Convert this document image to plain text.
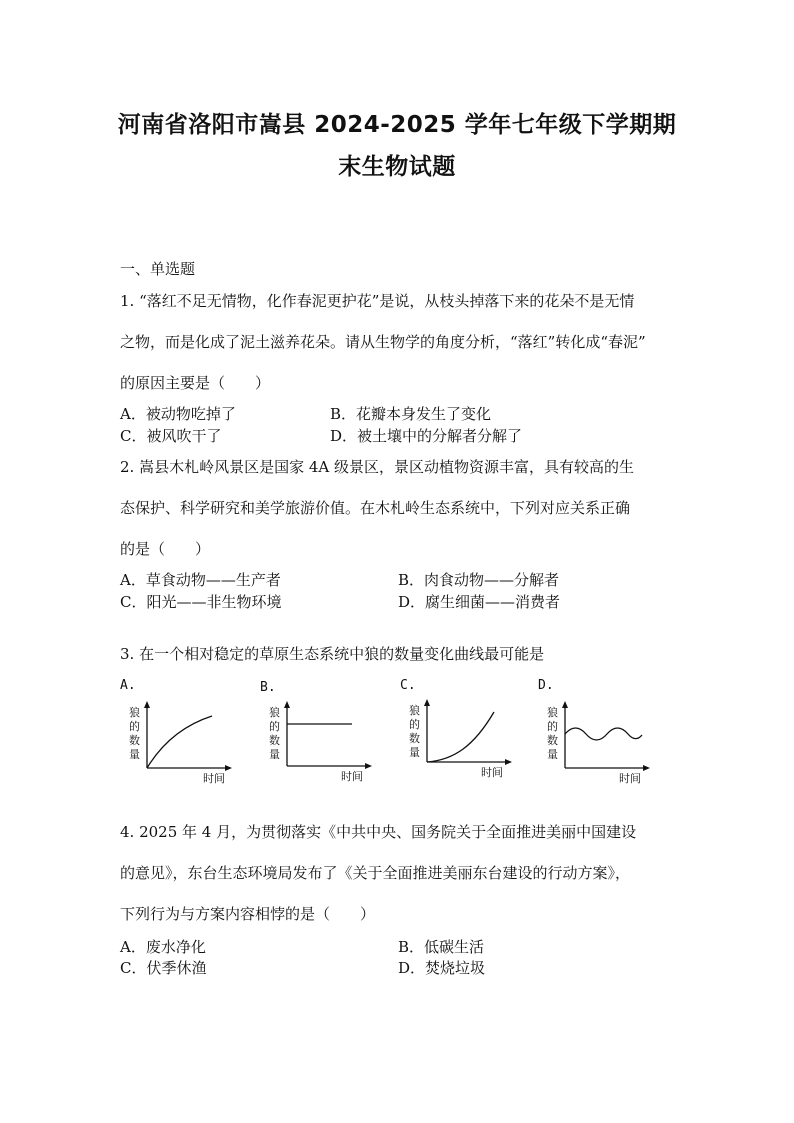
河南省洛阳市嵩县 2024-2025 学年七年级下学期期
末生物试题

一、单选题

1. “落红不足无情物，化作春泥更护花”是说，从枝头掉落下来的花朵不是无情

之物，而是化成了泥土滋养花朵。请从生物学的角度分析，“落红”转化成“春泥”

的原因主要是（　　）

A．被动物吃掉了	B．花瓣本身发生了变化

C．被风吹干了	D．被土壤中的分解者分解了

2. 嵩县木札岭风景区是国家 4A 级景区，景区动植物资源丰富，具有较高的生

态保护、科学研究和美学旅游价值。在木札岭生态系统中，下列对应关系正确

的是（　　）

A．草食动物——生产者	B．肉食动物——分解者

C．阳光——非生物环境	D．腐生细菌——消费者

3. 在一个相对稳定的草原生态系统中狼的数量变化曲线最可能是

A.	B.	C.	D.
狼
的
数
量
时间
狼
的
数
量
时间
狼
的
数
量
时间
狼
的
数
量
时间

4. 2025 年 4 月，为贯彻落实《中共中央、国务院关于全面推进美丽中国建设

的意见》，东台生态环境局发布了《关于全面推进美丽东台建设的行动方案》，

下列行为与方案内容相悖的是（　　）

A．废水净化	B．低碳生活

C．伏季休渔	D．焚烧垃圾
